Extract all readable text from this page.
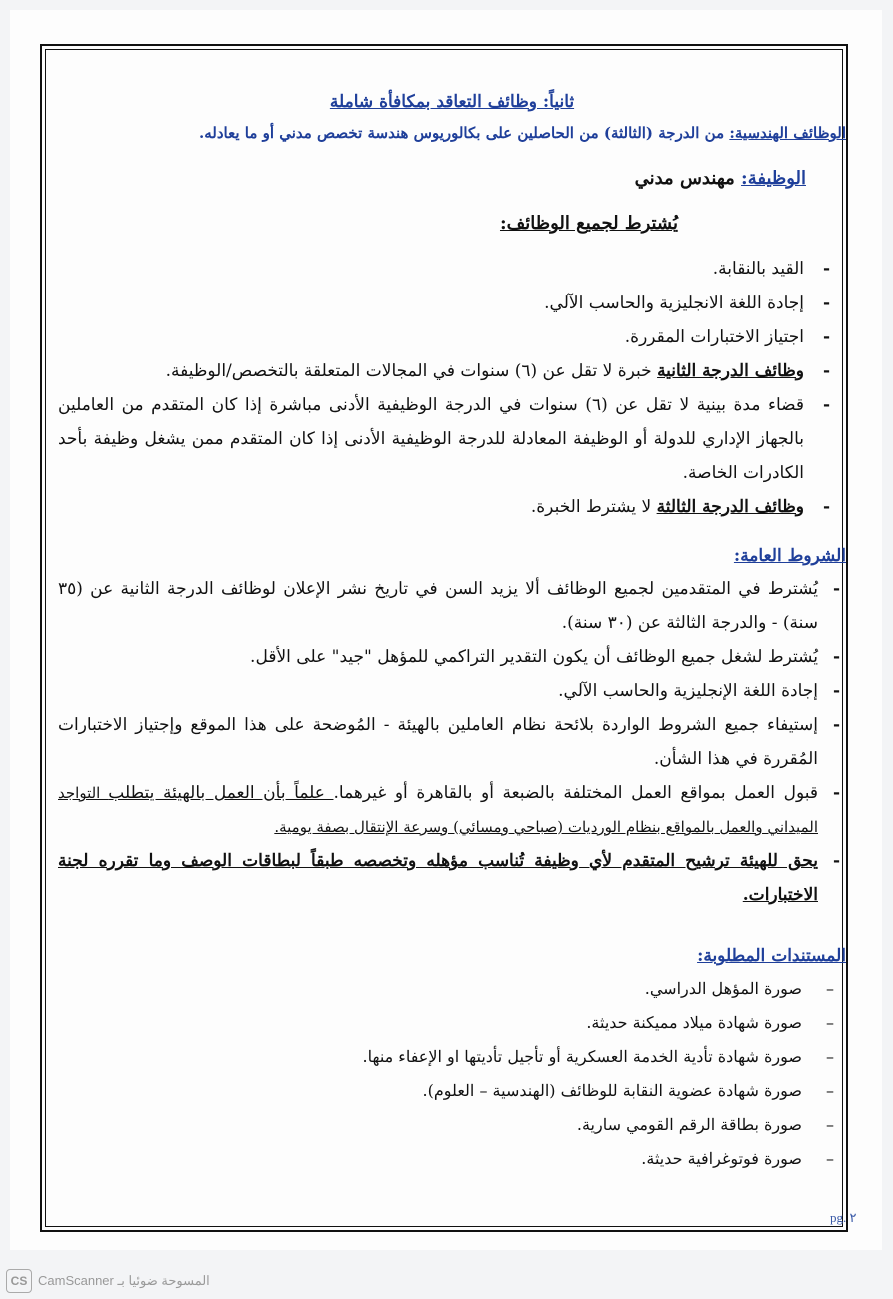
ثانياً: وظائف التعاقد بمكافأة شاملة
الوظائف الهندسية: من الدرجة (الثالثة) من الحاصلين على بكالوريوس هندسة تخصص مدني أو ما يعادله.
الوظيفة: مهندس مدني
يُشترط لجميع الوظائف:
- القيد بالنقابة.
- إجادة اللغة الانجليزية والحاسب الآلي.
- اجتياز الاختبارات المقررة.
- وظائف الدرجة الثانية خبرة لا تقل عن (٦) سنوات في المجالات المتعلقة بالتخصص/الوظيفة.
- قضاء مدة بينية لا تقل عن (٦) سنوات في الدرجة الوظيفية الأدنى مباشرة إذا كان المتقدم من العاملين بالجهاز الإداري للدولة أو الوظيفة المعادلة للدرجة الوظيفية الأدنى إذا كان المتقدم ممن يشغل وظيفة بأحد الكادرات الخاصة.
- وظائف الدرجة الثالثة لا يشترط الخبرة.
الشروط العامة:
- يُشترط في المتقدمين لجميع الوظائف ألا يزيد السن في تاريخ نشر الإعلان لوظائف الدرجة الثانية عن (٣٥ سنة) - والدرجة الثالثة عن (٣٠ سنة).
- يُشترط لشغل جميع الوظائف أن يكون التقدير التراكمي للمؤهل "جيد" على الأقل.
- إجادة اللغة الإنجليزية والحاسب الآلي.
- إستيفاء جميع الشروط الواردة بلائحة نظام العاملين بالهيئة - المُوضحة على هذا الموقع وإجتياز الاختبارات المُقررة في هذا الشأن.
- قبول العمل بمواقع العمل المختلفة بالضبعة أو بالقاهرة أو غيرهما. علماً بأن العمل بالهيئة يتطلب التواجد الميداني والعمل بالمواقع بنظام الورديات (صباحي ومسائي) وسرعة الإنتقال بصفة يومية.
- يحق للهيئة ترشيح المتقدم لأي وظيفة تُناسب مؤهله وتخصصه طبقاً لبطاقات الوصف وما تقرره لجنة الاختبارات.
المستندات المطلوبة:
– صورة المؤهل الدراسي.
– صورة شهادة ميلاد مميكنة حديثة.
– صورة شهادة تأدية الخدمة العسكرية أو تأجيل تأديتها او الإعفاء منها.
– صورة شهادة عضوية النقابة للوظائف (الهندسية – العلوم).
– صورة بطاقة الرقم القومي سارية.
– صورة فوتوغرافية حديثة.
pg. ٢
CS CamScanner المسوحة ضوئيا بـ
